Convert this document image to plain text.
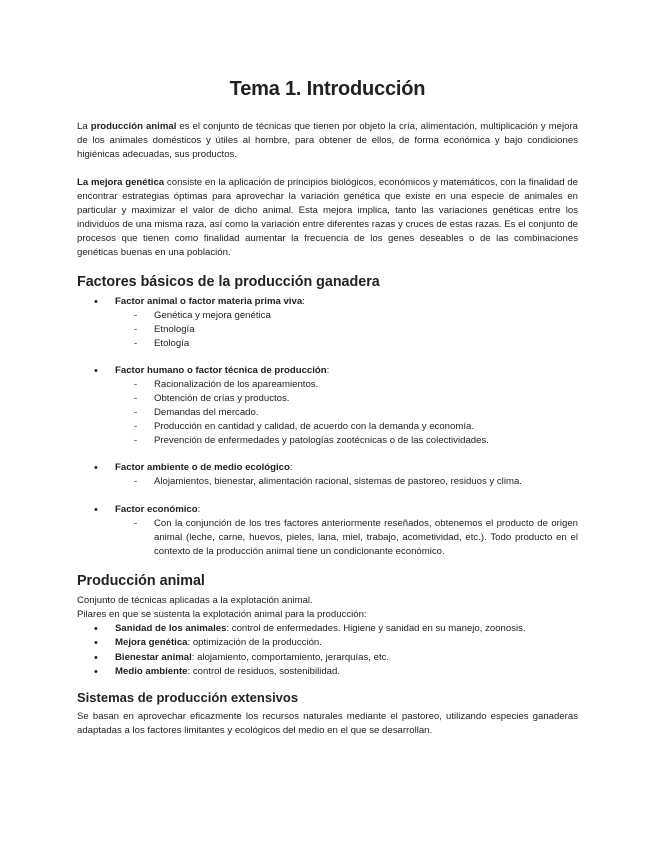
Tema 1. Introducción

La producción animal es el conjunto de técnicas que tienen por objeto la cría, alimentación, multiplicación y mejora de los animales domésticos y útiles al hombre, para obtener de ellos, de forma económica y bajo condiciones higiénicas adecuadas, sus productos.

La mejora genética consiste en la aplicación de principios biológicos, económicos y matemáticos, con la finalidad de encontrar estrategias óptimas para aprovechar la variación genética que existe en una especie de animales en particular y maximizar el valor de dicho animal. Esta mejora implica, tanto las variaciones genéticas entre los individuos de una misma raza, así como la variación entre diferentes razas y cruces de estas razas. Es el conjunto de procesos que tienen como finalidad aumentar la frecuencia de los genes deseables o de las combinaciones genéticas buenas en una población.

Factores básicos de la producción ganadera
• Factor animal o factor materia prima viva:
- Genética y mejora genética
- Etnología
- Etología
• Factor humano o factor técnica de producción:
- Racionalización de los apareamientos.
- Obtención de crías y productos.
- Demandas del mercado.
- Producción en cantidad y calidad, de acuerdo con la demanda y economía.
- Prevención de enfermedades y patologías zootécnicas o de las colectividades.
• Factor ambiente o de medio ecológico:
- Alojamientos, bienestar, alimentación racional, sistemas de pastoreo, residuos y clima.
• Factor económico:
- Con la conjunción de los tres factores anteriormente reseñados, obtenemos el producto de origen animal (leche, carne, huevos, pieles, lana, miel, trabajo, acometividad, etc.). Todo producto en el contexto de la producción animal tiene un condicionante económico.
Producción animal

Conjunto de técnicas aplicadas a la explotación animal.

Pilares en que se sustenta la explotación animal para la producción:

• Sanidad de los animales: control de enfermedades. Higiene y sanidad en su manejo, zoonosis.
• Mejora genética: optimización de la producción.
• Bienestar animal: alojamiento, comportamiento, jerarquías, etc.
• Medio ambiente: control de residuos, sostenibilidad.
Sistemas de producción extensivos

Se basan en aprovechar eficazmente los recursos naturales mediante el pastoreo, utilizando especies ganaderas adaptadas a los factores limitantes y ecológicos del medio en el que se desarrollan.
